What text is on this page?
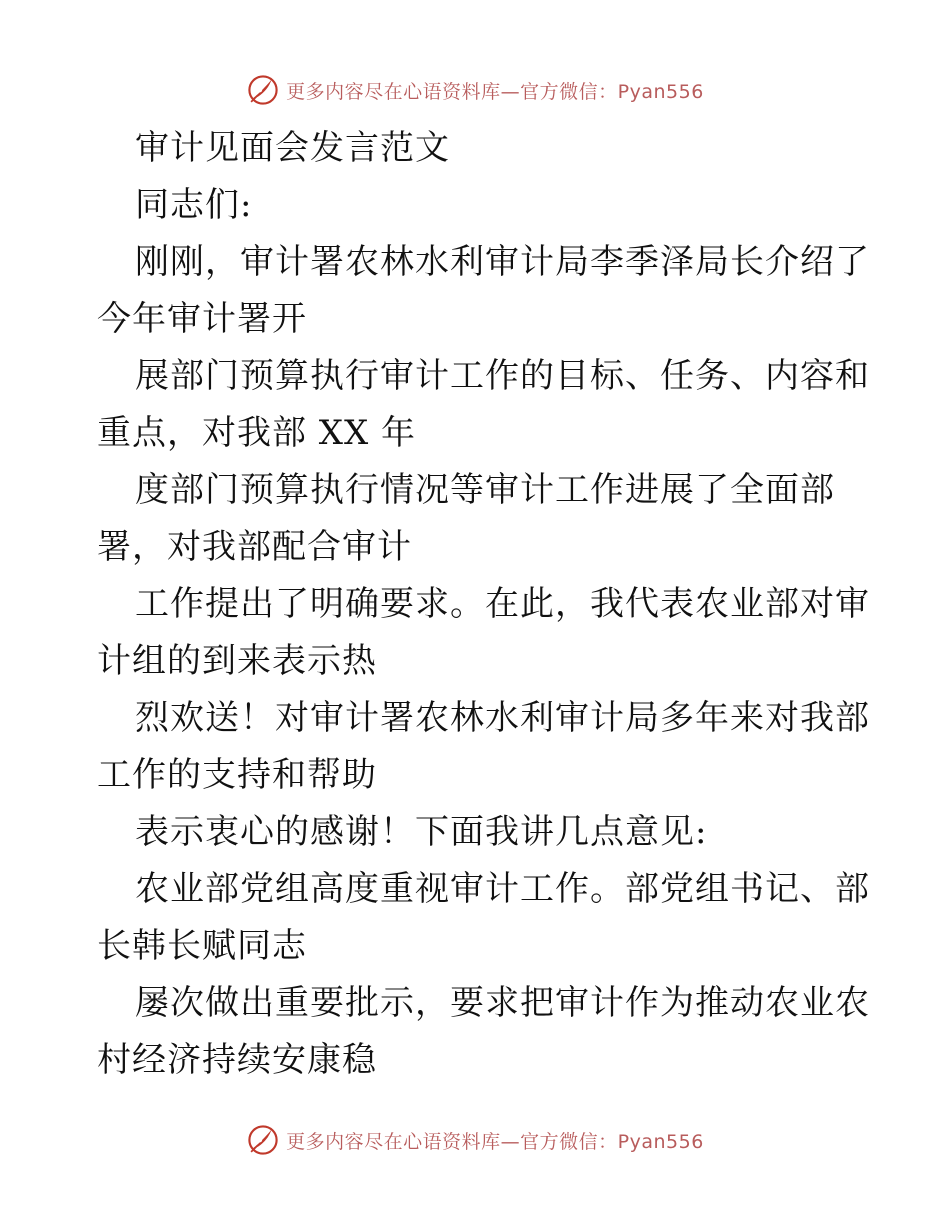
更多内容尽在心语资料库—官方微信：Pyan556
审计见面会发言范文
同志们:
刚刚，审计署农林水利审计局李季泽局长介绍了
今年审计署开
展部门预算执行审计工作的目标、任务、内容和
重点，对我部 XX 年
度部门预算执行情况等审计工作进展了全面部
署，对我部配合审计
工作提出了明确要求。在此，我代表农业部对审
计组的到来表示热
烈欢送！对审计署农林水利审计局多年来对我部
工作的支持和帮助
表示衷心的感谢！下面我讲几点意见:
农业部党组高度重视审计工作。部党组书记、部
长韩长赋同志
屡次做出重要批示，要求把审计作为推动农业农
村经济持续安康稳
更多内容尽在心语资料库—官方微信：Pyan556
